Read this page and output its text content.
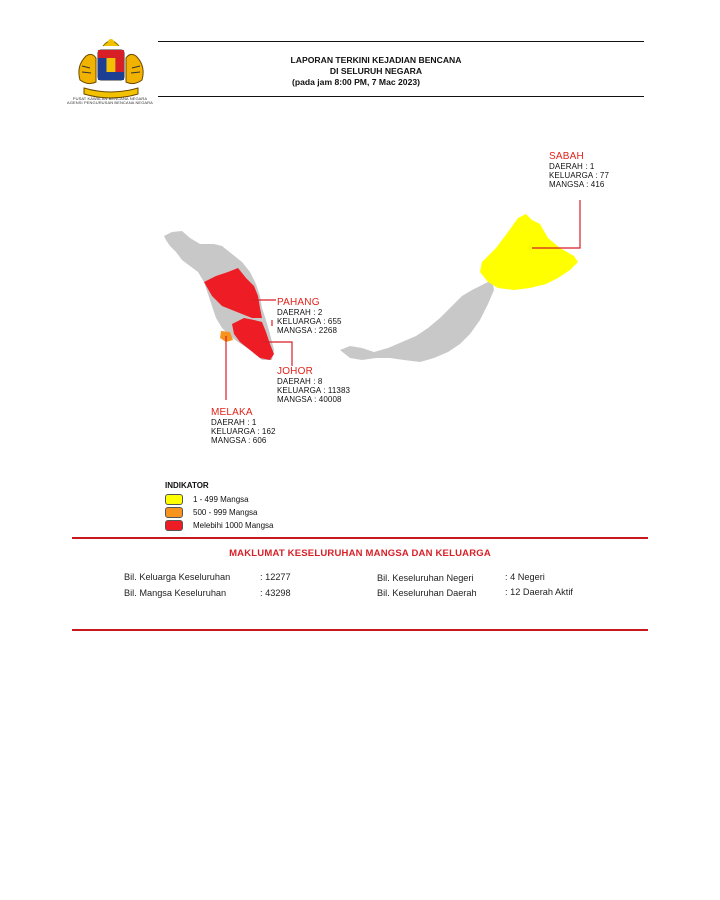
PUSAT KAWALAN BENCANA NEGARA
AGENSI PENGURUSAN BENCANA NEGARA
LAPORAN TERKINI KEJADIAN BENCANA
DI SELURUH NEGARA
(pada jam 8:00 PM, 7 Mac 2023)
SABAH
DAERAH : 1
KELUARGA : 77
MANGSA : 416
PAHANG
DAERAH : 2
KELUARGA : 655
MANGSA : 2268
JOHOR
DAERAH : 8
KELUARGA : 11383
MANGSA : 40008
MELAKA
DAERAH : 1
KELUARGA : 162
MANGSA : 606
INDIKATOR
1 - 499 Mangsa
500 - 999 Mangsa
Melebihi 1000 Mangsa
MAKLUMAT KESELURUHAN MANGSA DAN KELUARGA
Bil. Keluarga Keseluruhan	: 12277
Bil. Mangsa Keseluruhan	: 43298
Bil. Keseluruhan Negeri	: 4 Negeri
Bil. Keseluruhan Daerah	: 12 Daerah Aktif
